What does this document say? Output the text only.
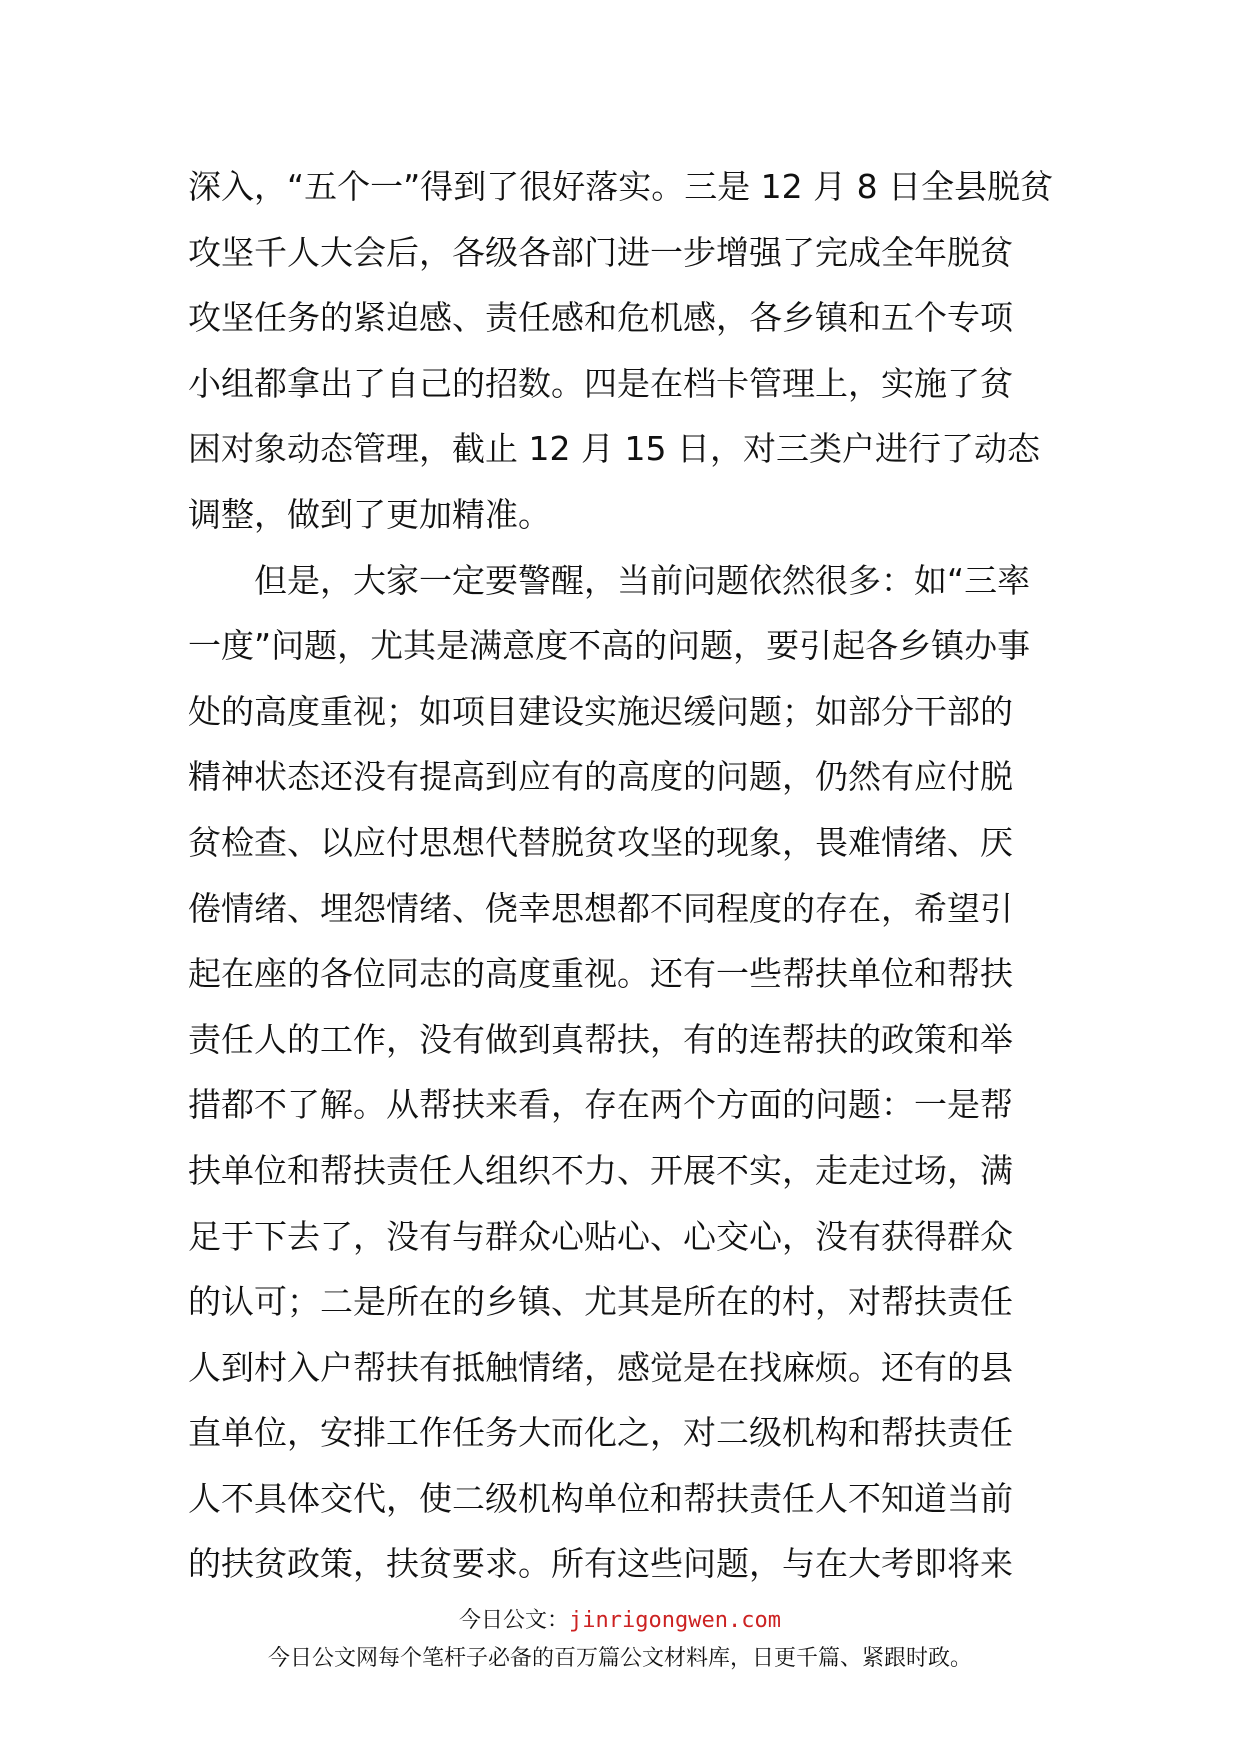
深入，“五个一”得到了很好落实。三是 12 月 8 日全县脱贫
攻坚千人大会后，各级各部门进一步增强了完成全年脱贫
攻坚任务的紧迫感、责任感和危机感，各乡镇和五个专项
小组都拿出了自己的招数。四是在档卡管理上，实施了贫
困对象动态管理，截止 12 月 15 日，对三类户进行了动态
调整，做到了更加精准。
但是，大家一定要警醒，当前问题依然很多：如“三率
一度”问题，尤其是满意度不高的问题，要引起各乡镇办事
处的高度重视；如项目建设实施迟缓问题；如部分干部的
精神状态还没有提高到应有的高度的问题，仍然有应付脱
贫检查、以应付思想代替脱贫攻坚的现象，畏难情绪、厌
倦情绪、埋怨情绪、侥幸思想都不同程度的存在，希望引
起在座的各位同志的高度重视。还有一些帮扶单位和帮扶
责任人的工作，没有做到真帮扶，有的连帮扶的政策和举
措都不了解。从帮扶来看，存在两个方面的问题：一是帮
扶单位和帮扶责任人组织不力、开展不实，走走过场，满
足于下去了，没有与群众心贴心、心交心，没有获得群众
的认可；二是所在的乡镇、尤其是所在的村，对帮扶责任
人到村入户帮扶有抵触情绪，感觉是在找麻烦。还有的县
直单位，安排工作任务大而化之，对二级机构和帮扶责任
人不具体交代，使二级机构单位和帮扶责任人不知道当前
的扶贫政策，扶贫要求。所有这些问题，与在大考即将来
今日公文：jinrigongwen.com
今日公文网每个笔杆子必备的百万篇公文材料库，日更千篇、紧跟时政。
